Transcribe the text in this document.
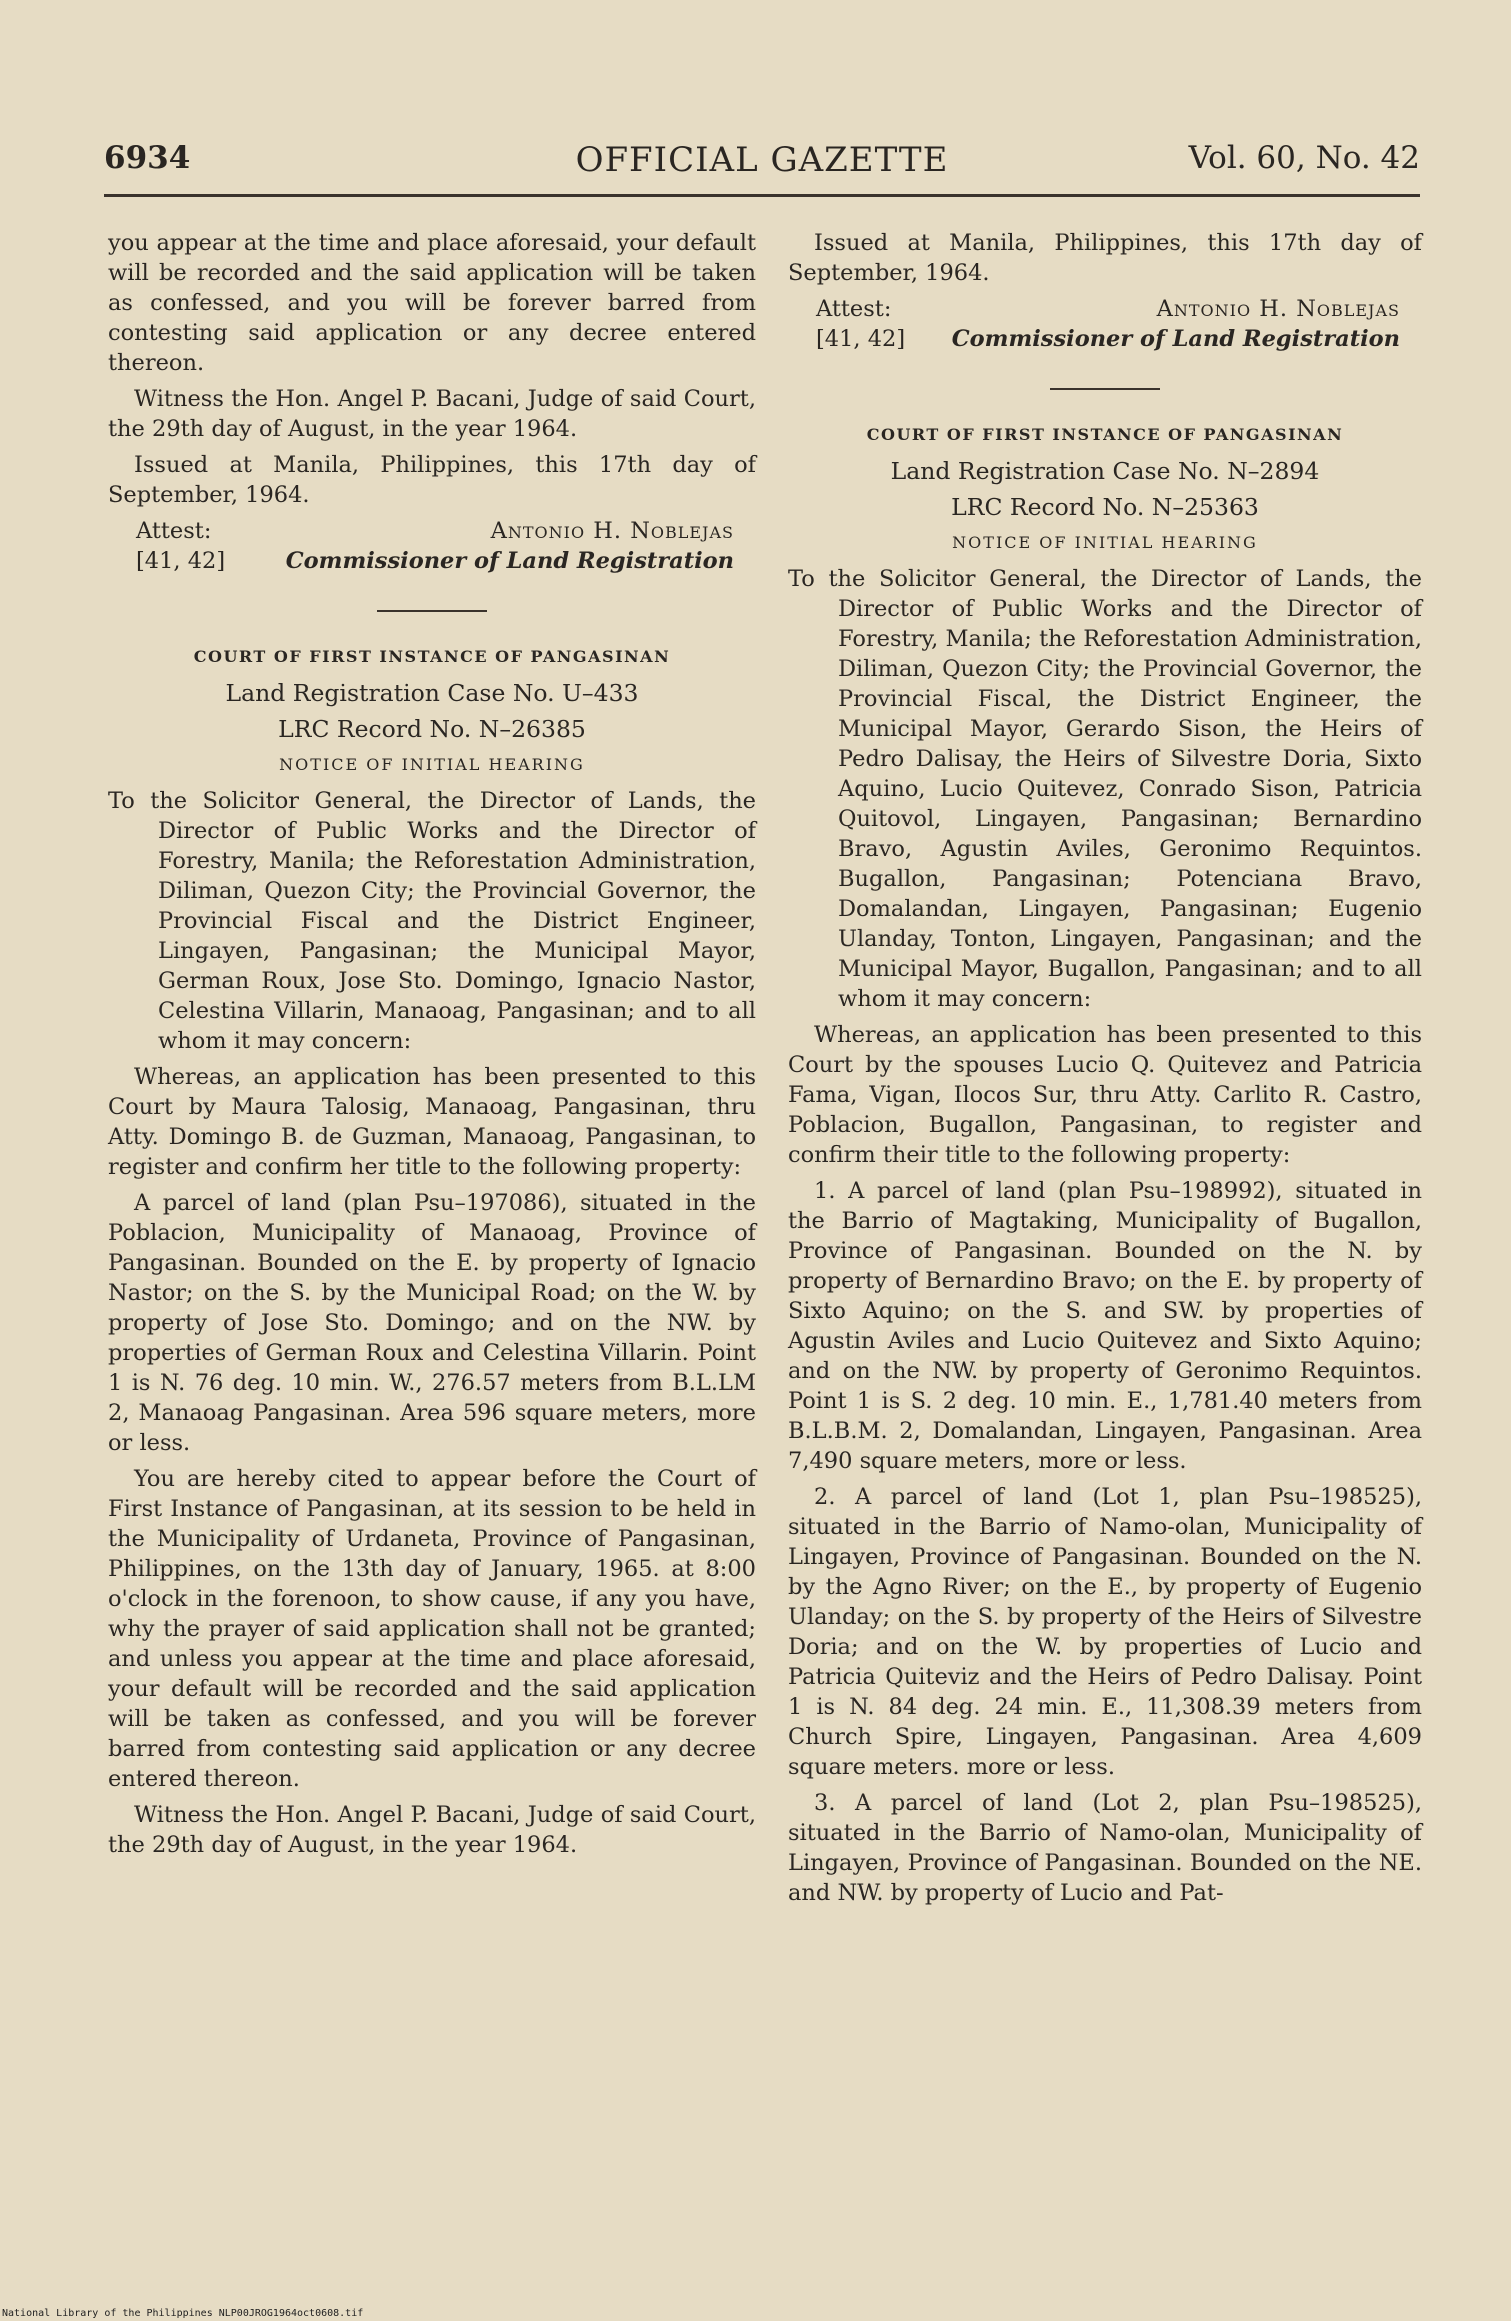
6934	OFFICIAL GAZETTE	Vol. 60, No. 42

you appear at the time and place aforesaid, your default will be recorded and the said application will be taken as confessed, and you will be forever barred from contesting said application or any decree entered thereon.

Witness the Hon. Angel P. Bacani, Judge of said Court, the 29th day of August, in the year 1964.

Issued at Manila, Philippines, this 17th day of September, 1964.

Attest:	Antonio H. Noblejas
[41, 42]	Commissioner of Land Registration

COURT OF FIRST INSTANCE OF PANGASINAN

Land Registration Case No. U–433

LRC Record No. N–26385

NOTICE OF INITIAL HEARING

To the Solicitor General, the Director of Lands, the Director of Public Works and the Director of Forestry, Manila; the Reforestation Administration, Diliman, Quezon City; the Provincial Governor, the Provincial Fiscal and the District Engineer, Lingayen, Pangasinan; the Municipal Mayor, German Roux, Jose Sto. Domingo, Ignacio Nastor, Celestina Villarin, Manaoag, Pangasinan; and to all whom it may concern:

Whereas, an application has been presented to this Court by Maura Talosig, Manaoag, Pangasinan, thru Atty. Domingo B. de Guzman, Manaoag, Pangasinan, to register and confirm her title to the following property:

A parcel of land (plan Psu–197086), situated in the Poblacion, Municipality of Manaoag, Province of Pangasinan. Bounded on the E. by property of Ignacio Nastor; on the S. by the Municipal Road; on the W. by property of Jose Sto. Domingo; and on the NW. by properties of German Roux and Celestina Villarin. Point 1 is N. 76 deg. 10 min. W., 276.57 meters from B.L.LM 2, Manaoag Pangasinan. Area 596 square meters, more or less.

You are hereby cited to appear before the Court of First Instance of Pangasinan, at its session to be held in the Municipality of Urdaneta, Province of Pangasinan, Philippines, on the 13th day of January, 1965. at 8:00 o'clock in the forenoon, to show cause, if any you have, why the prayer of said application shall not be granted; and unless you appear at the time and place aforesaid, your default will be recorded and the said application will be taken as confessed, and you will be forever barred from contesting said application or any decree entered thereon.

Witness the Hon. Angel P. Bacani, Judge of said Court, the 29th day of August, in the year 1964.

Issued at Manila, Philippines, this 17th day of September, 1964.

Attest:	Antonio H. Noblejas
[41, 42] Commissioner of Land Registration

COURT OF FIRST INSTANCE OF PANGASINAN

Land Registration Case No. N–2894

LRC Record No. N–25363

NOTICE OF INITIAL HEARING

To the Solicitor General, the Director of Lands, the Director of Public Works and the Director of Forestry, Manila; the Reforestation Administration, Diliman, Quezon City; the Provincial Governor, the Provincial Fiscal, the District Engineer, the Municipal Mayor, Gerardo Sison, the Heirs of Pedro Dalisay, the Heirs of Silvestre Doria, Sixto Aquino, Lucio Quitevez, Conrado Sison, Patricia Quitovol, Lingayen, Pangasinan; Bernardino Bravo, Agustin Aviles, Geronimo Requintos. Bugallon, Pangasinan; Potenciana Bravo, Domalandan, Lingayen, Pangasinan; Eugenio Ulanday, Tonton, Lingayen, Pangasinan; and the Municipal Mayor, Bugallon, Pangasinan; and to all whom it may concern:

Whereas, an application has been presented to this Court by the spouses Lucio Q. Quitevez and Patricia Fama, Vigan, Ilocos Sur, thru Atty. Carlito R. Castro, Poblacion, Bugallon, Pangasinan, to register and confirm their title to the following property:

1. A parcel of land (plan Psu–198992), situated in the Barrio of Magtaking, Municipality of Bugallon, Province of Pangasinan. Bounded on the N. by property of Bernardino Bravo; on the E. by property of Sixto Aquino; on the S. and SW. by properties of Agustin Aviles and Lucio Quitevez and Sixto Aquino; and on the NW. by property of Geronimo Requintos. Point 1 is S. 2 deg. 10 min. E., 1,781.40 meters from B.L.B.M. 2, Domalandan, Lingayen, Pangasinan. Area 7,490 square meters, more or less.

2. A parcel of land (Lot 1, plan Psu–198525), situated in the Barrio of Namo-olan, Municipality of Lingayen, Province of Pangasinan. Bounded on the N. by the Agno River; on the E., by property of Eugenio Ulanday; on the S. by property of the Heirs of Silvestre Doria; and on the W. by properties of Lucio and Patricia Quiteviz and the Heirs of Pedro Dalisay. Point 1 is N. 84 deg. 24 min. E., 11,308.39 meters from Church Spire, Lingayen, Pangasinan. Area 4,609 square meters. more or less.

3. A parcel of land (Lot 2, plan Psu–198525), situated in the Barrio of Namo-olan, Municipality of Lingayen, Province of Pangasinan. Bounded on the NE. and NW. by property of Lucio and Pat-

National Library of the Philippines NLP00JROG1964oct0608.tif
